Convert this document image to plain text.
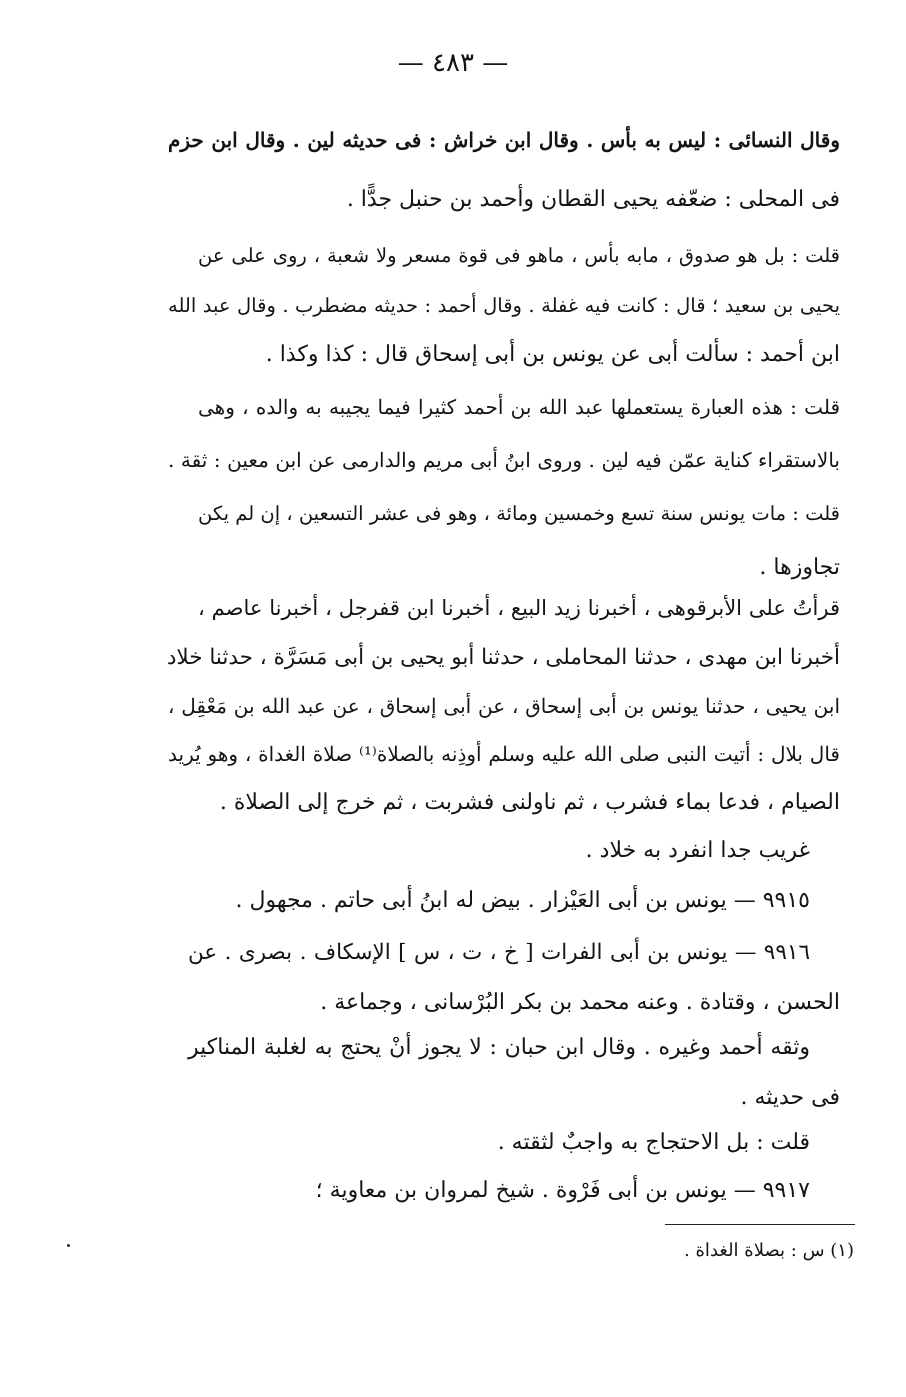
— ٤٨٣ —
وقال النسائى : ليس به بأس . وقال ابن خراش : فى حديثه لين . وقال ابن حزم
فى المحلى : ضعّفه يحيى القطان وأحمد بن حنبل جدًّا .
قلت : بل هو صدوق ، مابه بأس ، ماهو فى قوة مسعر ولا شعبة ، روى على عن
يحيى بن سعيد ؛ قال : كانت فيه غفلة . وقال أحمد : حديثه مضطرب . وقال عبد الله
ابن أحمد : سألت أبى عن يونس بن أبى إسحاق قال : كذا وكذا .
قلت : هذه العبارة يستعملها عبد الله بن أحمد كثيرا فيما يجيبه به والده ، وهى
بالاستقراء كناية عمّن فيه لين . وروى ابنُ أبى مريم والدارمى عن ابن معين : ثقة .
قلت : مات يونس سنة تسع وخمسين ومائة ، وهو فى عشر التسعين ، إن لم يكن
تجاوزها .
قرأتُ على الأبرقوهى ، أخبرنا زيد البيع ، أخبرنا ابن قفرجل ، أخبرنا عاصم ،
أخبرنا ابن مهدى ، حدثنا المحاملى ، حدثنا أبو يحيى بن أبى مَسَرَّة ، حدثنا خلاد
ابن يحيى ، حدثنا يونس بن أبى إسحاق ، عن أبى إسحاق ، عن عبد الله بن مَعْقِل ،
قال بلال : أتيت النبى صلى الله عليه وسلم أوذِنه بالصلاة⁽¹⁾ صلاة الغداة ، وهو يُريد
الصيام ، فدعا بماء فشرب ، ثم ناولنى فشربت ، ثم خرج إلى الصلاة .
غريب جدا انفرد به خلاد .
٩٩١٥ — يونس بن أبى العَيْزار . بيض له ابنُ أبى حاتم . مجهول .
٩٩١٦ — يونس بن أبى الفرات [ خ ، ت ، س ] الإسكاف . بصرى . عن
الحسن ، وقتادة . وعنه محمد بن بكر البُرْسانى ، وجماعة .
وثقه أحمد وغيره . وقال ابن حبان : لا يجوز أنْ يحتج به لغلبة المناكير
فى حديثه .
قلت : بل الاحتجاج به واجبٌ لثقته .
٩٩١٧ — يونس بن أبى فَرْوة . شيخ لمروان بن معاوية ؛
(١) س : بصلاة الغداة .
